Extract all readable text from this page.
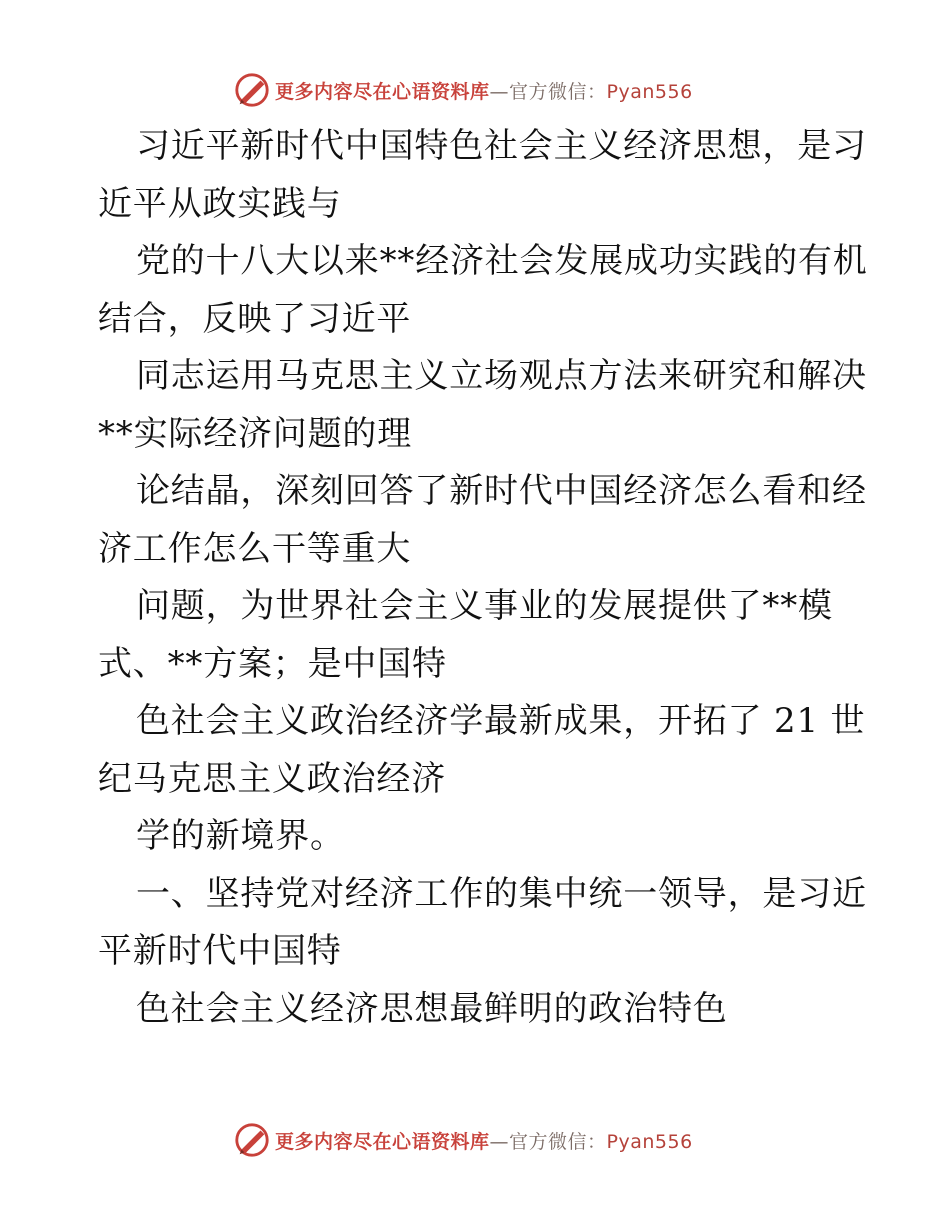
更多内容尽在心语资料库—官方微信：Pyan556
习近平新时代中国特色社会主义经济思想，是习
近平从政实践与
党的十八大以来**经济社会发展成功实践的有机
结合，反映了习近平
同志运用马克思主义立场观点方法来研究和解决
**实际经济问题的理
论结晶，深刻回答了新时代中国经济怎么看和经
济工作怎么干等重大
问题，为世界社会主义事业的发展提供了**模
式、**方案；是中国特
色社会主义政治经济学最新成果，开拓了 21 世
纪马克思主义政治经济
学的新境界。
一、坚持党对经济工作的集中统一领导，是习近
平新时代中国特
色社会主义经济思想最鲜明的政治特色
更多内容尽在心语资料库—官方微信：Pyan556
